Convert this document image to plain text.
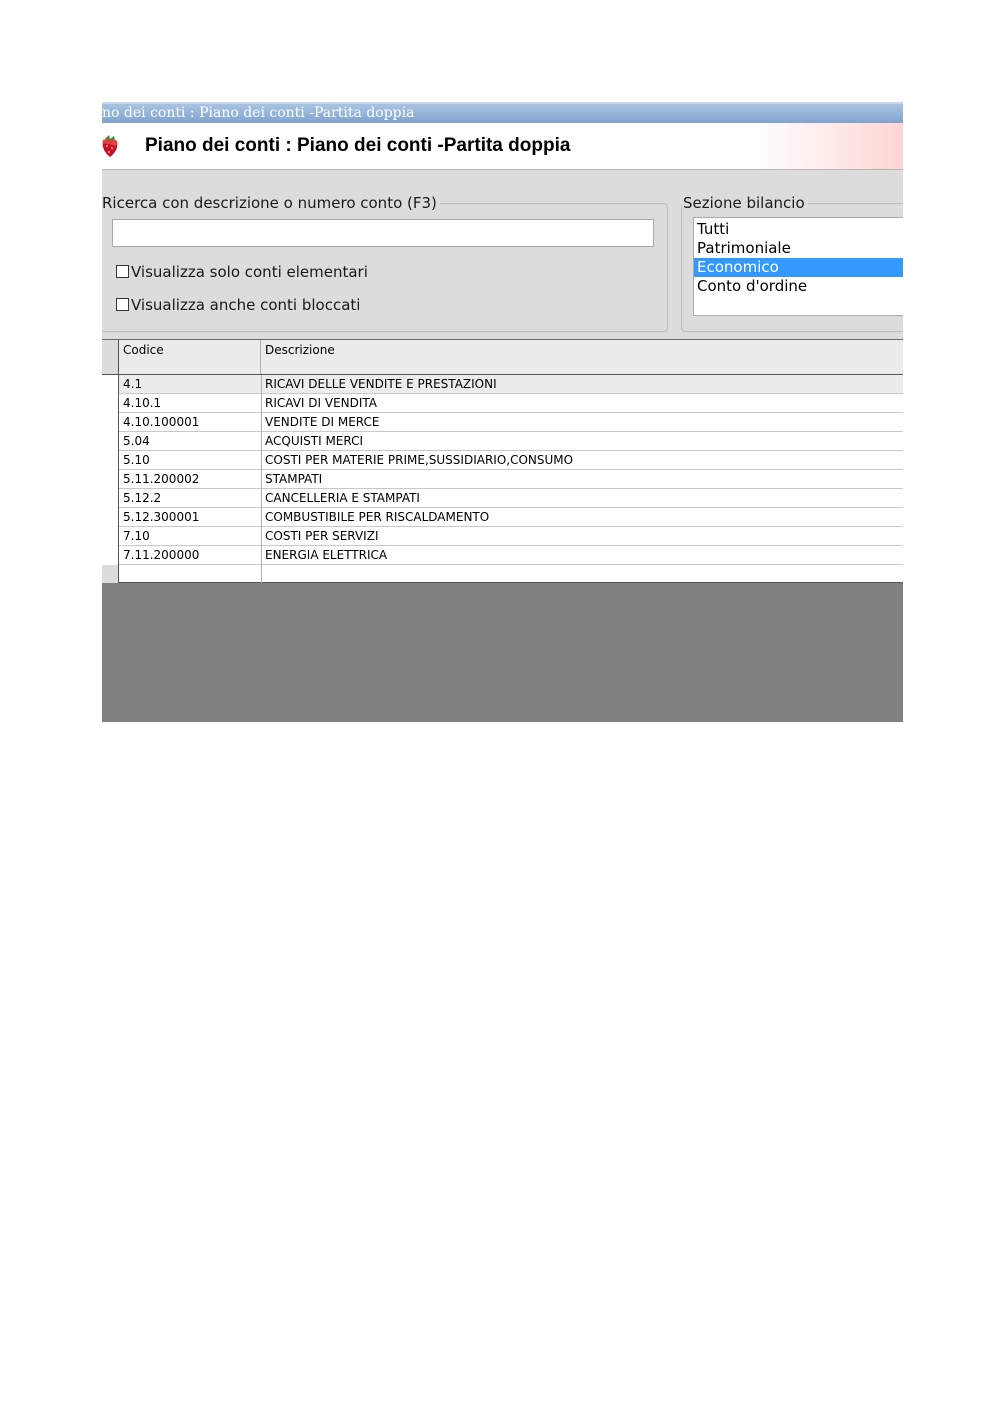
no dei conti : Piano dei conti -Partita doppia
Piano dei conti : Piano dei conti -Partita doppia
Ricerca con descrizione o numero conto (F3)
Visualizza solo conti elementari
Visualizza anche conti bloccati
Sezione bilancio
Tutti
Patrimoniale
Economico
Conto d'ordine
Codice	Descrizione
4.1	RICAVI DELLE VENDITE E PRESTAZIONI
4.10.1	RICAVI DI VENDITA
4.10.100001	VENDITE DI MERCE
5.04	ACQUISTI MERCI
5.10	COSTI PER MATERIE PRIME,SUSSIDIARIO,CONSUMO
5.11.200002	STAMPATI
5.12.2	CANCELLERIA E STAMPATI
5.12.300001	COMBUSTIBILE PER RISCALDAMENTO
7.10	COSTI PER SERVIZI
7.11.200000	ENERGIA ELETTRICA
